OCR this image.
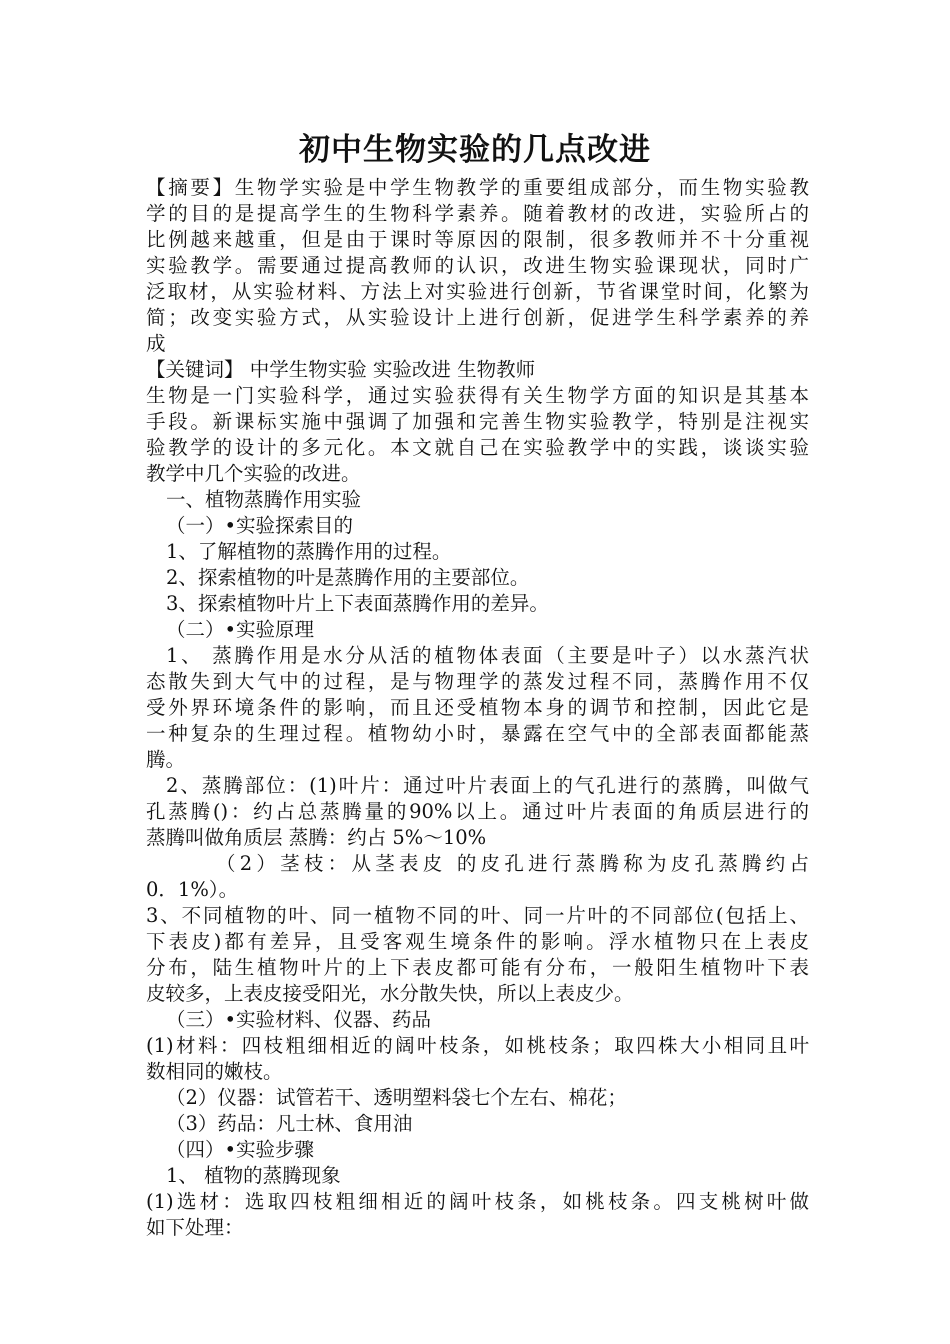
初中生物实验的几点改进
【摘要】生物学实验是中学生物教学的重要组成部分，而生物实验教
学的目的是提高学生的生物科学素养。随着教材的改进，实验所占的
比例越来越重，但是由于课时等原因的限制，很多教师并不十分重视
实验教学。需要通过提高教师的认识，改进生物实验课现状，同时广
泛取材，从实验材料、方法上对实验进行创新，节省课堂时间，化繁为
简；改变实验方式，从实验设计上进行创新，促进学生科学素养的养
成
【关键词】 中学生物实验 实验改进 生物教师
生物是一门实验科学，通过实验获得有关生物学方面的知识是其基本
手段。新课标实施中强调了加强和完善生物实验教学，特别是注视实
验教学的设计的多元化。本文就自己在实验教学中的实践，谈谈实验
教学中几个实验的改进。
一、植物蒸腾作用实验
（一）•实验探索目的
1、了解植物的蒸腾作用的过程。
2、探索植物的叶是蒸腾作用的主要部位。
3、探索植物叶片上下表面蒸腾作用的差异。
（二）•实验原理
1、 蒸腾作用是水分从活的植物体表面（主要是叶子）以水蒸汽状
态散失到大气中的过程，是与物理学的蒸发过程不同，蒸腾作用不仅
受外界环境条件的影响，而且还受植物本身的调节和控制，因此它是
一种复杂的生理过程。植物幼小时，暴露在空气中的全部表面都能蒸
腾。
2、蒸腾部位：(1)叶片：通过叶片表面上的气孔进行的蒸腾，叫做气
孔蒸腾()：约占总蒸腾量的90%以上。通过叶片表面的角质层进行的
蒸腾叫做角质层 蒸腾：约占 5%～10%
（2）茎枝：从茎表皮 的皮孔进行蒸腾称为皮孔蒸腾约占
0．1%）。
3、不同植物的叶、同一植物不同的叶、同一片叶的不同部位(包括上、
下表皮)都有差异，且受客观生境条件的影响。浮水植物只在上表皮
分布，陆生植物叶片的上下表皮都可能有分布，一般阳生植物叶下表
皮较多，上表皮接受阳光，水分散失快，所以上表皮少。
（三）•实验材料、仪器、药品
(1)材料：四枝粗细相近的阔叶枝条，如桃枝条；取四株大小相同且叶
数相同的嫩枝。
（2）仪器：试管若干、透明塑料袋七个左右、棉花；
（3）药品：凡士林、食用油
（四）•实验步骤
1、 植物的蒸腾现象
(1)选材：选取四枝粗细相近的阔叶枝条，如桃枝条。四支桃树叶做
如下处理：
